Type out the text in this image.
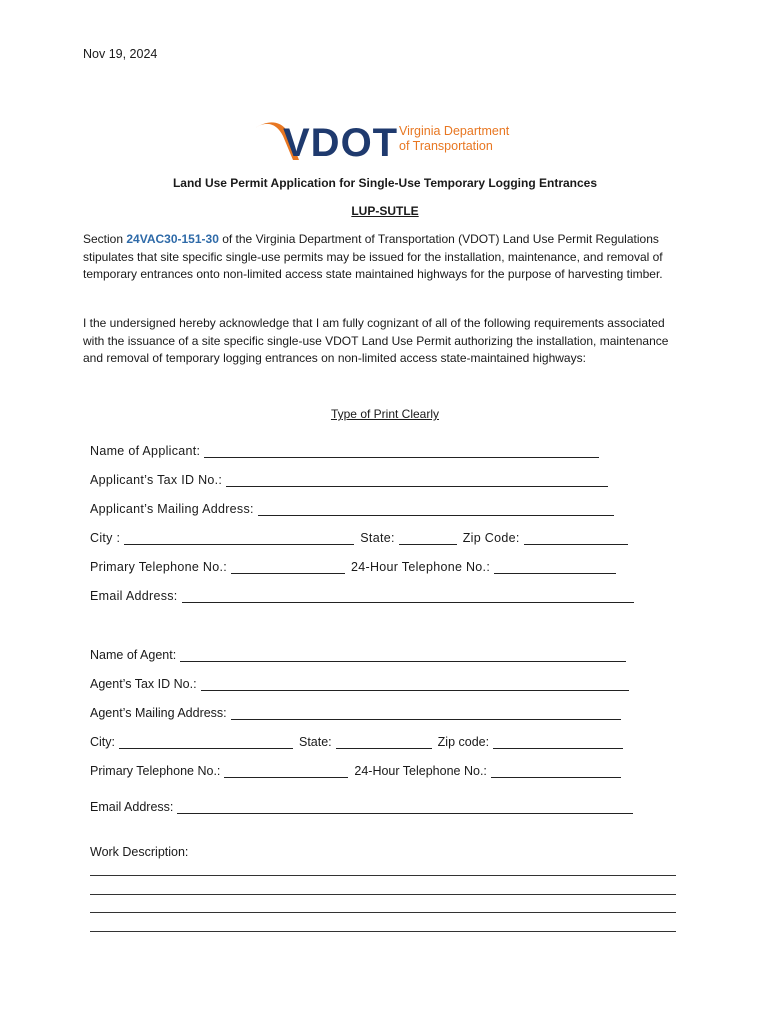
Nov 19, 2024
VDOT Virginia Department
of Transportation
Land Use Permit Application for Single-Use Temporary Logging Entrances
LUP-SUTLE
Section 24VAC30-151-30 of the Virginia Department of Transportation (VDOT) Land Use Permit Regulations stipulates that site specific single-use permits may be issued for the installation, maintenance, and removal of temporary entrances onto non-limited access state maintained highways for the purpose of harvesting timber.
I the undersigned hereby acknowledge that I am fully cognizant of all of the following requirements associated with the issuance of a site specific single-use VDOT Land Use Permit authorizing the installation, maintenance and removal of temporary logging entrances on non-limited access state-maintained highways:
Type of Print Clearly
Name of Applicant:
Applicant’s Tax ID No.:
Applicant’s Mailing Address:
City :	State:	Zip Code:
Primary Telephone No.:	24-Hour Telephone No.:
Email Address:
Name of Agent:
Agent’s Tax ID No.:
Agent’s Mailing Address:
City:	State:	Zip code:
Primary Telephone No.:	24-Hour Telephone No.:
Email Address:
Work Description:
